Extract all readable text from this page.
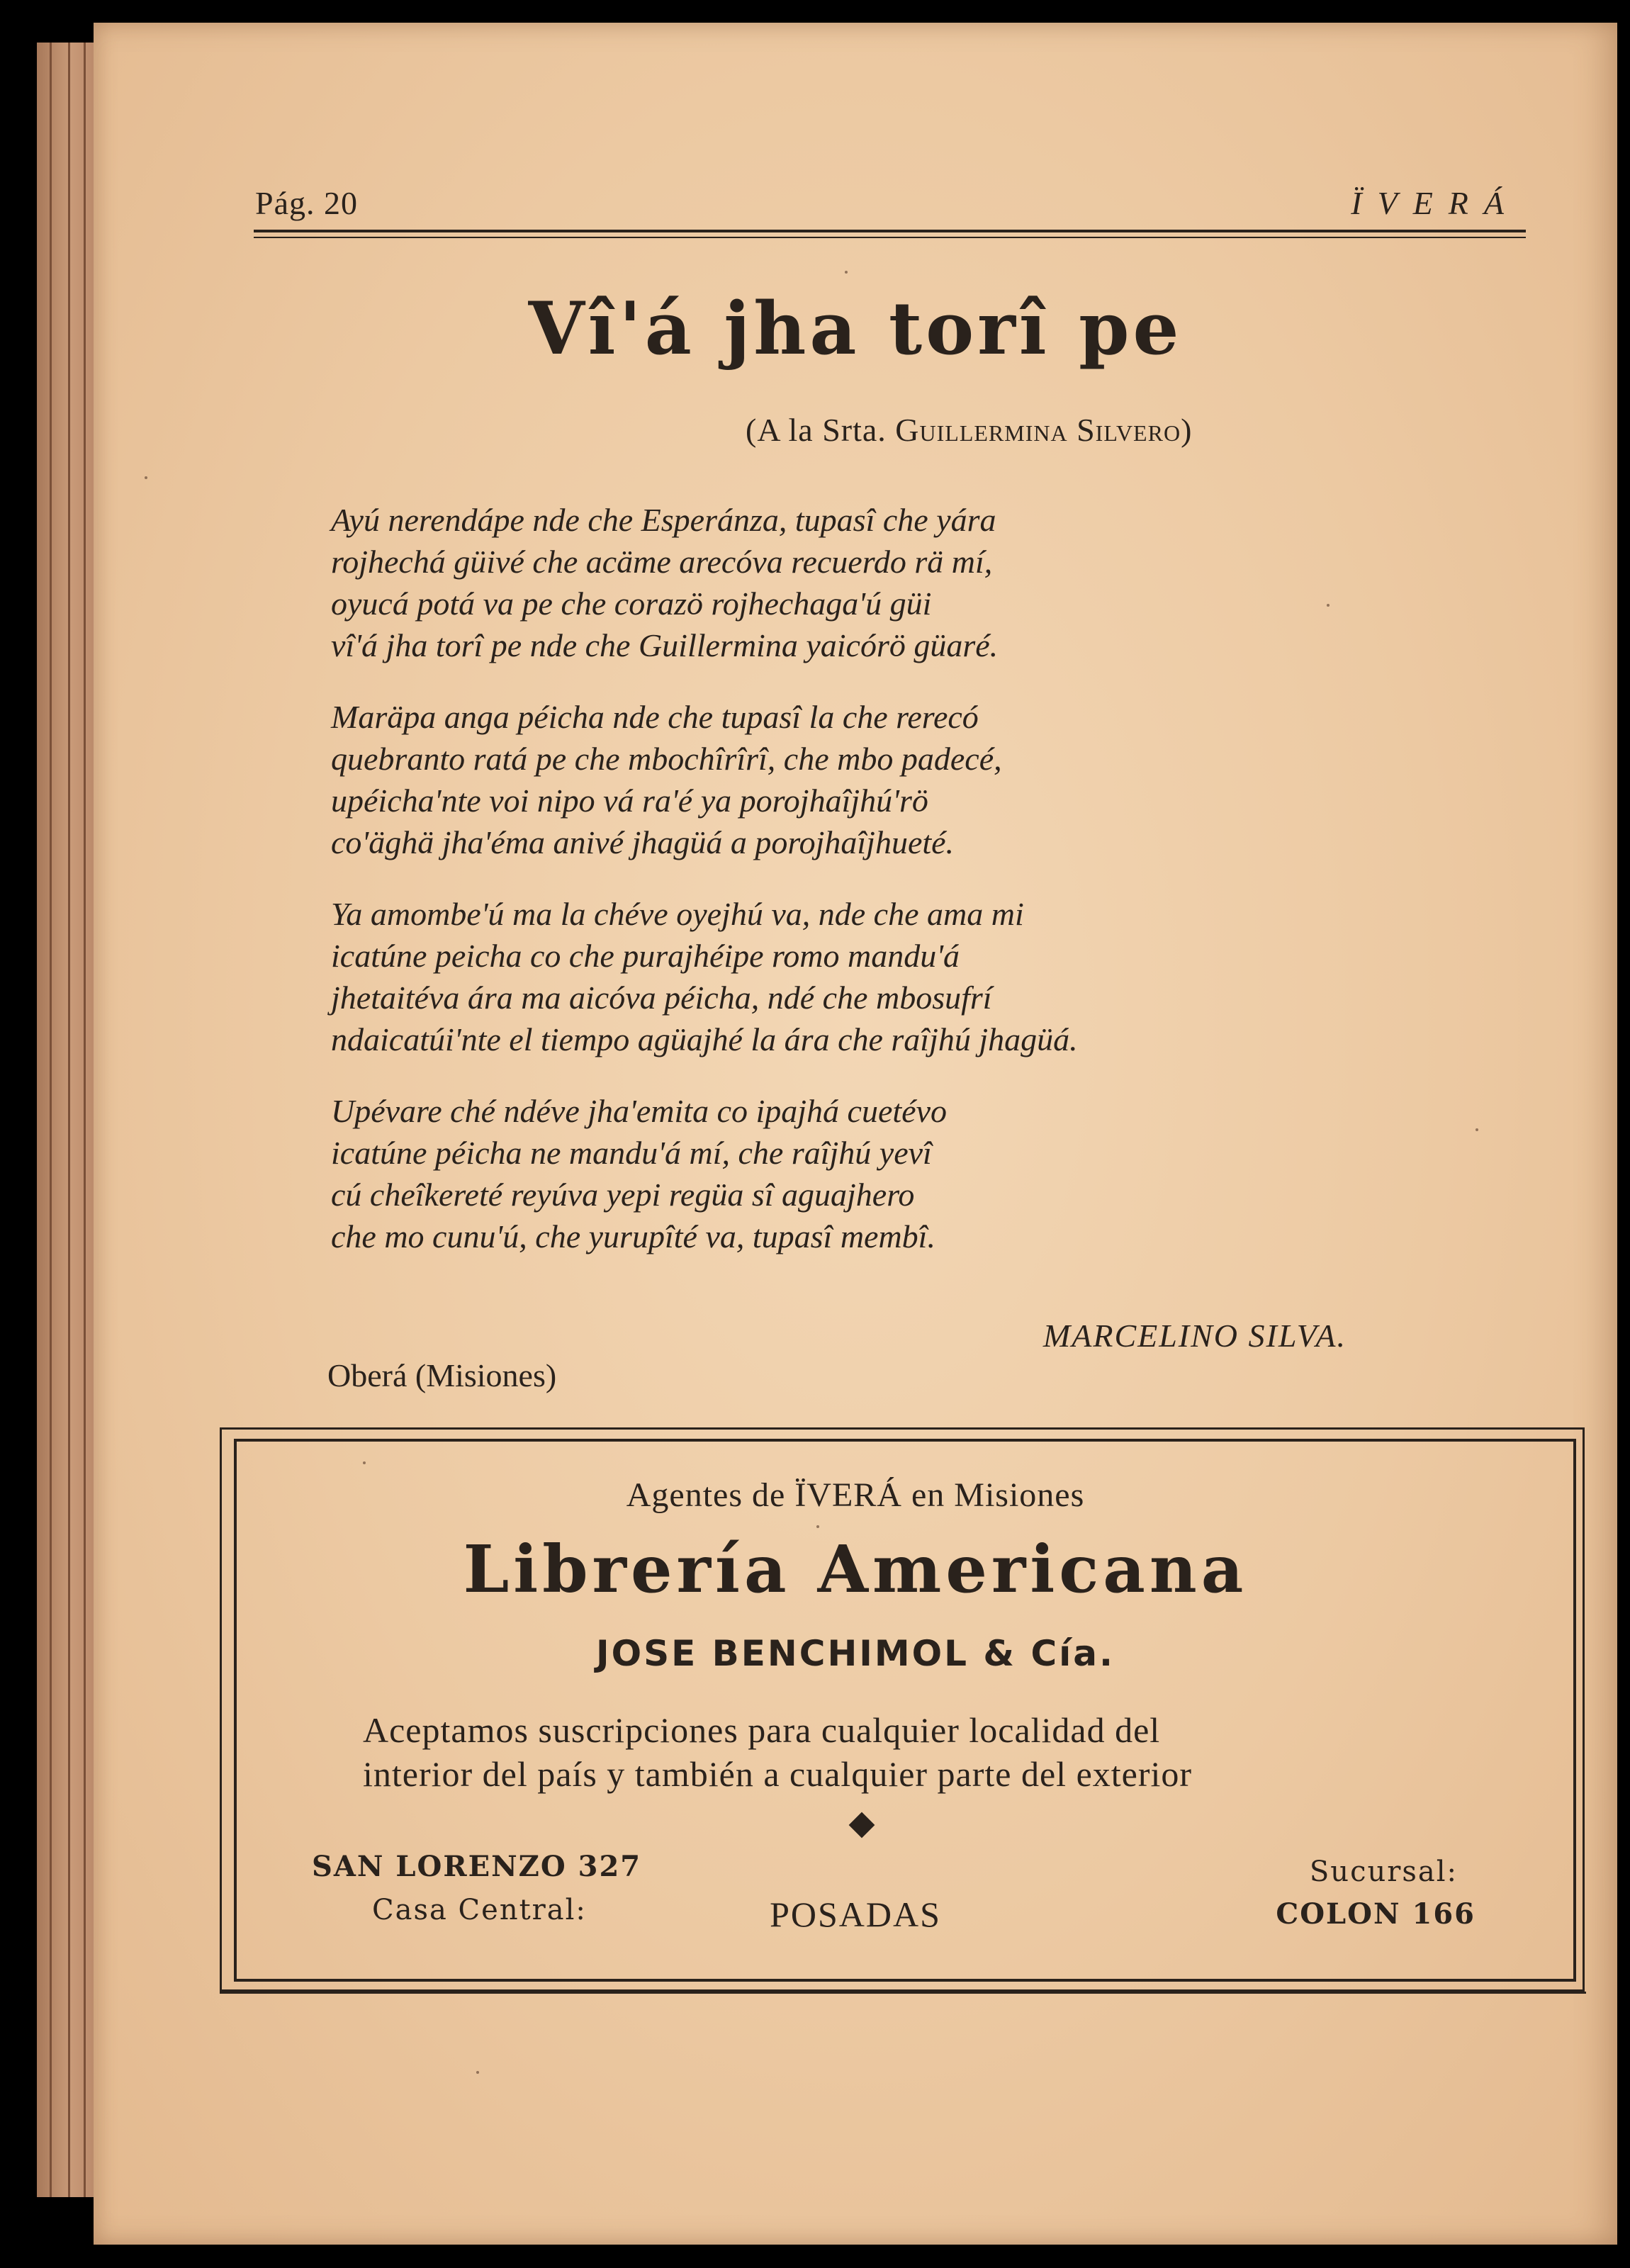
Pág. 20	ÏVERÁ
Vî'á jha torî pe
(A la Srta. Guillermina Silvero)
Ayú nerendápe nde che Esperánza, tupasî che yára
rojhechá güivé che acäme arecóva recuerdo rä mí,
oyucá potá va pe che corazö rojhechaga'ú güi
vî'á jha torî pe nde che Guillermina yaicórö güaré.
Maräpa anga péicha nde che tupasî la che rerecó
quebranto ratá pe che mbochîrîrî, che mbo padecé,
upéicha'nte voi nipo vá ra'é ya porojhaîjhú'rö
co'äghä jha'éma anivé jhagüá a porojhaîjhueté.
Ya amombe'ú ma la chéve oyejhú va, nde che ama mi
icatúne peicha co che purajhéipe romo mandu'á
jhetaitéva ára ma aicóva péicha, ndé che mbosufrí
ndaicatúi'nte el tiempo agüajhé la ára che raîjhú jhagüá.
Upévare ché ndéve jha'emita co ipajhá cuetévo
icatúne péicha ne mandu'á mí, che raîjhú yevî
cú cheîkereté reyúva yepi regüa sî aguajhero
che mo cunu'ú, che yurupîté va, tupasî membî.
MARCELINO SILVA.
Oberá (Misiones)
Agentes de ÏVERÁ en Misiones
Librería Americana
JOSE BENCHIMOL & Cía.
Aceptamos suscripciones para cualquier localidad del
interior del país y también a cualquier parte del exterior
SAN LORENZO 327
Casa Central:	POSADAS
Sucursal:
COLON 166
